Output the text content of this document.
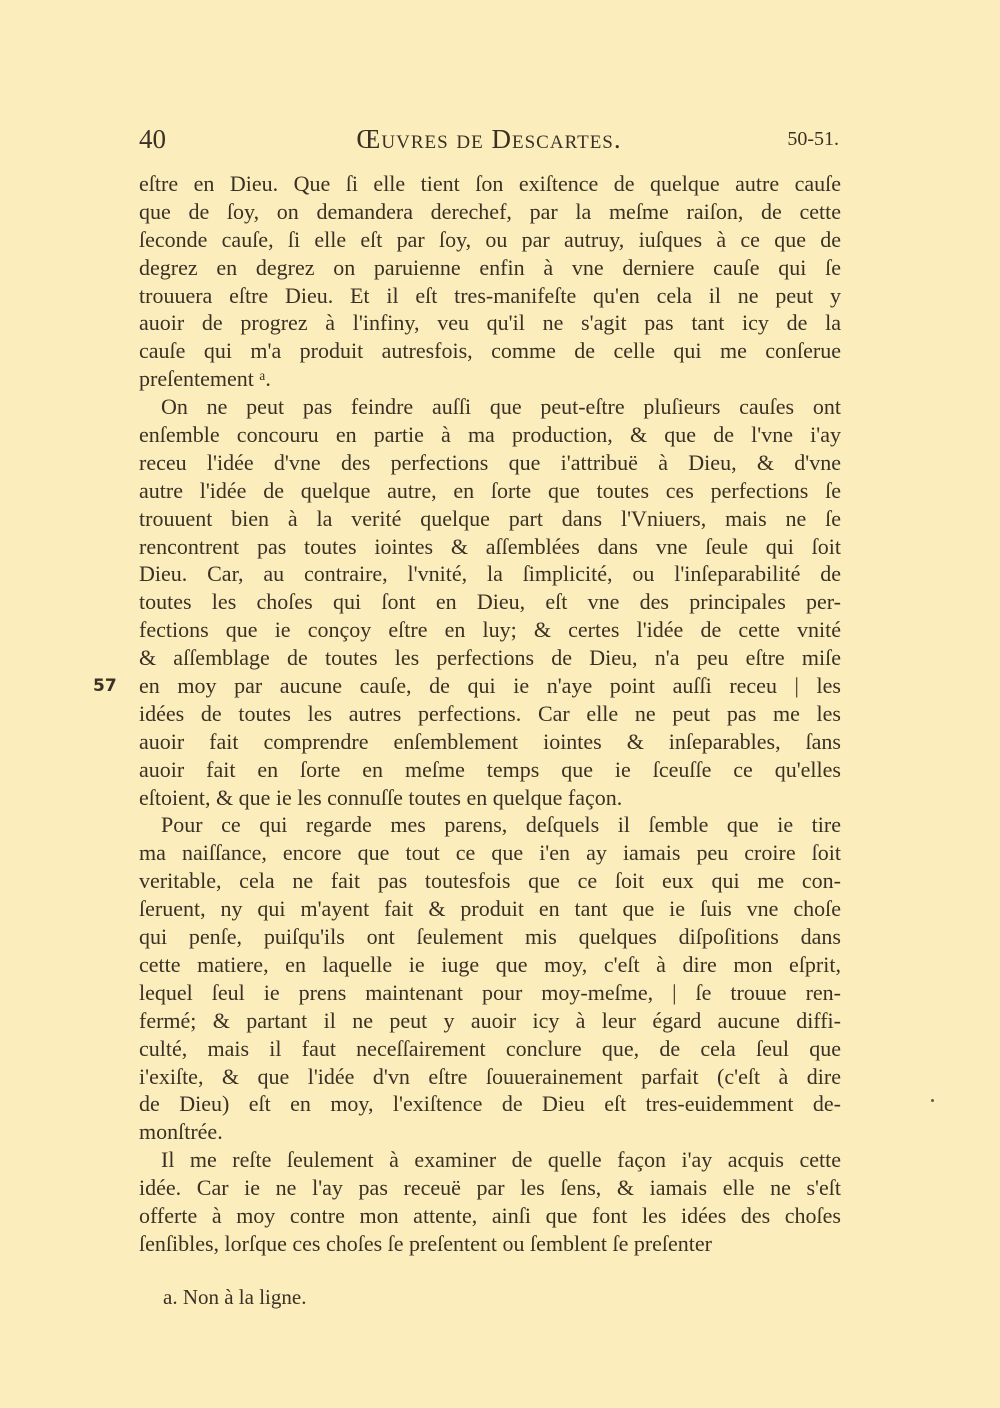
40	Œuvres de Descartes.	50-51.
57
eſtre en Dieu. Que ſi elle tient ſon exiſtence de quelque autre cauſe
que de ſoy, on demandera derechef, par la meſme raiſon, de cette
ſeconde cauſe, ſi elle eſt par ſoy, ou par autruy, iuſques à ce que de
degrez en degrez on paruienne enfin à vne derniere cauſe qui ſe
trouuera eſtre Dieu. Et il eſt tres-manifeſte qu'en cela il ne peut y
auoir de progrez à l'infiny, veu qu'il ne s'agit pas tant icy de la
cauſe qui m'a produit autresfois, comme de celle qui me conſerue
preſentement ᵃ.
On ne peut pas feindre auſſi que peut-eſtre pluſieurs cauſes ont
enſemble concouru en partie à ma production, & que de l'vne i'ay
receu l'idée d'vne des perfections que i'attribuë à Dieu, & d'vne
autre l'idée de quelque autre, en ſorte que toutes ces perfections ſe
trouuent bien à la verité quelque part dans l'Vniuers, mais ne ſe
rencontrent pas toutes iointes & aſſemblées dans vne ſeule qui ſoit
Dieu. Car, au contraire, l'vnité, la ſimplicité, ou l'inſeparabilité de
toutes les choſes qui ſont en Dieu, eſt vne des principales per-
fections que ie conçoy eſtre en luy; & certes l'idée de cette vnité
& aſſemblage de toutes les perfections de Dieu, n'a peu eſtre miſe
en moy par aucune cauſe, de qui ie n'aye point auſſi receu | les
idées de toutes les autres perfections. Car elle ne peut pas me les
auoir fait comprendre enſemblement iointes & inſeparables, ſans
auoir fait en ſorte en meſme temps que ie ſceuſſe ce qu'elles
eſtoient, & que ie les connuſſe toutes en quelque façon.
Pour ce qui regarde mes parens, deſquels il ſemble que ie tire
ma naiſſance, encore que tout ce que i'en ay iamais peu croire ſoit
veritable, cela ne fait pas toutesfois que ce ſoit eux qui me con-
ſeruent, ny qui m'ayent fait & produit en tant que ie ſuis vne choſe
qui penſe, puiſqu'ils ont ſeulement mis quelques diſpoſitions dans
cette matiere, en laquelle ie iuge que moy, c'eſt à dire mon eſprit,
lequel ſeul ie prens maintenant pour moy-meſme, | ſe trouue ren-
fermé; & partant il ne peut y auoir icy à leur égard aucune diffi-
culté, mais il faut neceſſairement conclure que, de cela ſeul que
i'exiſte, & que l'idée d'vn eſtre ſouuerainement parfait (c'eſt à dire
de Dieu) eſt en moy, l'exiſtence de Dieu eſt tres-euidemment de-
monſtrée.
Il me reſte ſeulement à examiner de quelle façon i'ay acquis cette
idée. Car ie ne l'ay pas receuë par les ſens, & iamais elle ne s'eſt
offerte à moy contre mon attente, ainſi que font les idées des choſes
ſenſibles, lorſque ces choſes ſe preſentent ou ſemblent ſe preſenter
a. Non à la ligne.
